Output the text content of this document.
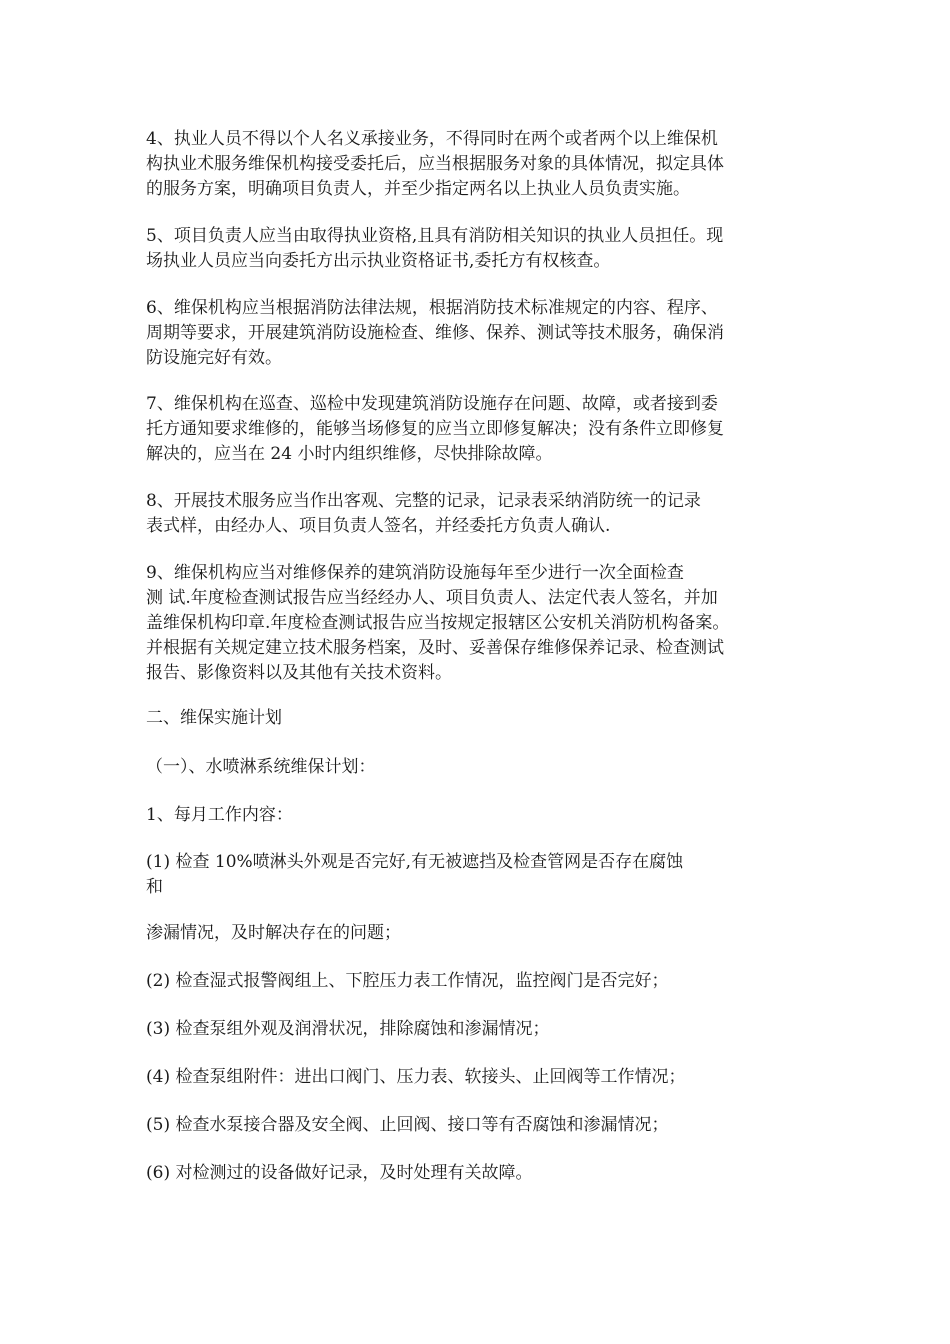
4、执业人员不得以个人名义承接业务，不得同时在两个或者两个以上维保机
构执业术服务维保机构接受委托后，应当根据服务对象的具体情况，拟定具体
的服务方案，明确项目负责人，并至少指定两名以上执业人员负责实施。
5、项目负责人应当由取得执业资格,且具有消防相关知识的执业人员担任。现
场执业人员应当向委托方出示执业资格证书,委托方有权核查。
6、维保机构应当根据消防法律法规，根据消防技术标准规定的内容、程序、
周期等要求，开展建筑消防设施检查、维修、保养、测试等技术服务，确保消
防设施完好有效。
7、维保机构在巡查、巡检中发现建筑消防设施存在问题、故障，或者接到委
托方通知要求维修的，能够当场修复的应当立即修复解决；没有条件立即修复
解决的，应当在 24 小时内组织维修，尽快排除故障。
8、开展技术服务应当作出客观、完整的记录，记录表采纳消防统一的记录
表式样，由经办人、项目负责人签名，并经委托方负责人确认.
9、维保机构应当对维修保养的建筑消防设施每年至少进行一次全面检查
测 试.年度检查测试报告应当经经办人、项目负责人、法定代表人签名，并加
盖维保机构印章.年度检查测试报告应当按规定报辖区公安机关消防机构备案。
并根据有关规定建立技术服务档案，及时、妥善保存维修保养记录、检查测试
报告、影像资料以及其他有关技术资料。
二、维保实施计划
（一）、水喷淋系统维保计划：
1、每月工作内容：
(1) 检查 10%喷淋头外观是否完好,有无被遮挡及检查管网是否存在腐蚀
和
渗漏情况，及时解决存在的问题；
(2) 检查湿式报警阀组上、下腔压力表工作情况，监控阀门是否完好；
(3) 检查泵组外观及润滑状况，排除腐蚀和渗漏情况；
(4) 检查泵组附件：进出口阀门、压力表、软接头、止回阀等工作情况；
(5) 检查水泵接合器及安全阀、止回阀、接口等有否腐蚀和渗漏情况；
(6) 对检测过的设备做好记录，及时处理有关故障。
